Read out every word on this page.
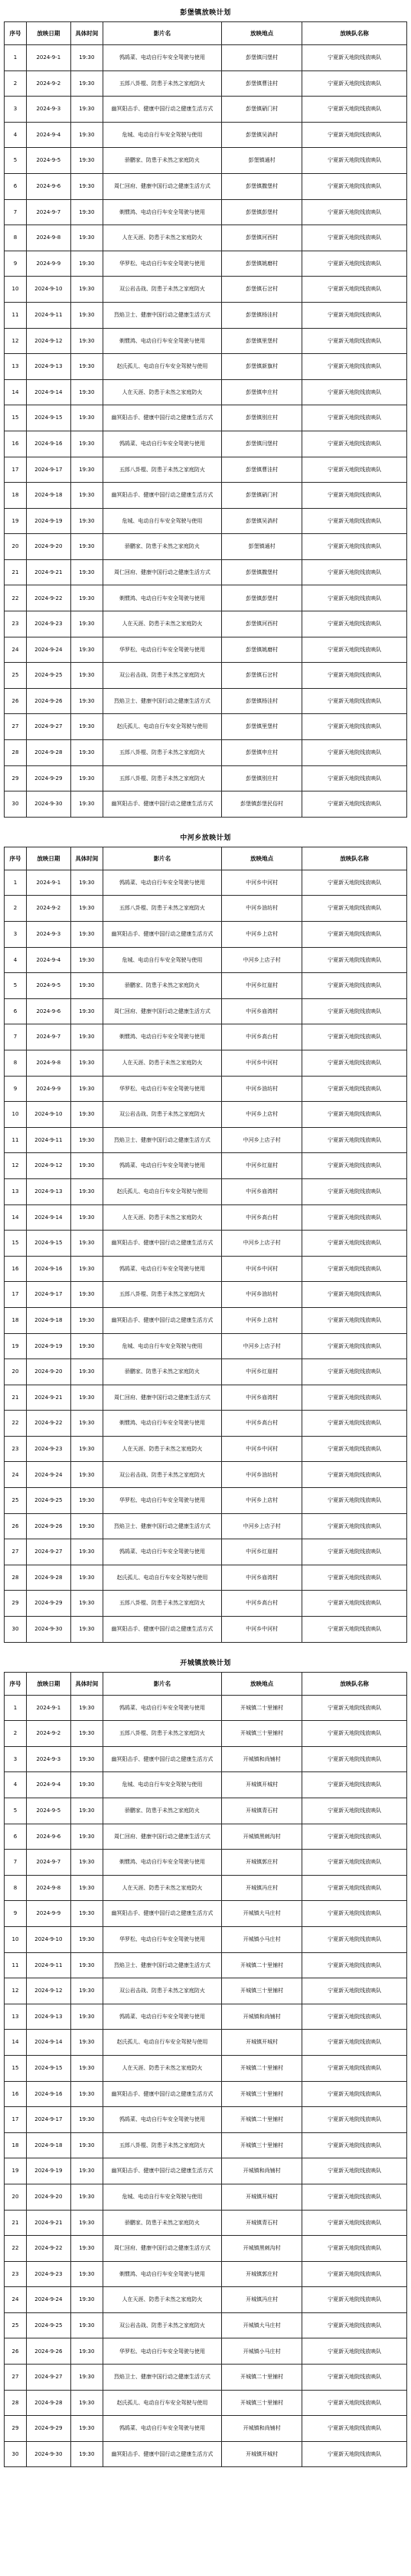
彭堡镇放映计划
序号	放映日期	具体时间	影片名	放映地点	放映队名称
1	2024-9-1	19:30	鹁鸪菜、电动自行车安全驾驶与使用	彭堡镇闫堡村	宁夏新天地院线放映队
2	2024-9-2	19:30	五郎八卦棍、防患于未然之家庭防火	彭堡镇曹洼村	宁夏新天地院线放映队
3	2024-9-3	19:30	幽冥阳击手、健康中国行动之健康生活方式	彭堡镇硝门村	宁夏新天地院线放映队
4	2024-9-4	19:30	危城、电动自行车安全驾驶与使用	彭堡镇吴淌村	宁夏新天地院线放映队
5	2024-9-5	19:30	骄鹏家、防患于未然之家庭防火	彭堡镇通村	宁夏新天地院线放映队
6	2024-9-6	19:30	周仁回府、健康中国行动之健康生活方式	彭堡镇撒堡村	宁夏新天地院线放映队
7	2024-9-7	19:30	剃惯鸿、电动自行车安全驾驶与使用	彭堡镇彭堡村	宁夏新天地院线放映队
8	2024-9-8	19:30	人在天涯、防患于未然之家庭防火	彭堡镇河西村	宁夏新天地院线放映队
9	2024-9-9	19:30	华罗松、电动自行车安全驾驶与使用	彭堡镇姚磨村	宁夏新天地院线放映队
10	2024-9-10	19:30	双公岩击战、防患于未然之家庭防火	彭堡镇石岔村	宁夏新天地院线放映队
11	2024-9-11	19:30	烈焰卫士、健康中国行动之健康生活方式	彭堡镇杨洼村	宁夏新天地院线放映队
12	2024-9-12	19:30	剃惯鸿、电动自行车安全驾驶与使用	彭堡镇里堡村	宁夏新天地院线放映队
13	2024-9-13	19:30	赵氏孤儿、电动自行车安全驾驶与使用	彭堡镇新旗村	宁夏新天地院线放映队
14	2024-9-14	19:30	人在天涯、防患于未然之家庭防火	彭堡镇申庄村	宁夏新天地院线放映队
15	2024-9-15	19:30	幽冥阳击手、健康中国行动之健康生活方式	彭堡镇别庄村	宁夏新天地院线放映队
16	2024-9-16	19:30	鹁鸪菜、电动自行车安全驾驶与使用	彭堡镇闫堡村	宁夏新天地院线放映队
17	2024-9-17	19:30	五郎八卦棍、防患于未然之家庭防火	彭堡镇曹洼村	宁夏新天地院线放映队
18	2024-9-18	19:30	幽冥阳击手、健康中国行动之健康生活方式	彭堡镇硝门村	宁夏新天地院线放映队
19	2024-9-19	19:30	危城、电动自行车安全驾驶与使用	彭堡镇吴淌村	宁夏新天地院线放映队
20	2024-9-20	19:30	骄鹏家、防患于未然之家庭防火	彭堡镇通村	宁夏新天地院线放映队
21	2024-9-21	19:30	周仁回府、健康中国行动之健康生活方式	彭堡镇撒堡村	宁夏新天地院线放映队
22	2024-9-22	19:30	剃惯鸿、电动自行车安全驾驶与使用	彭堡镇彭堡村	宁夏新天地院线放映队
23	2024-9-23	19:30	人在天涯、防患于未然之家庭防火	彭堡镇河西村	宁夏新天地院线放映队
24	2024-9-24	19:30	华罗松、电动自行车安全驾驶与使用	彭堡镇姚磨村	宁夏新天地院线放映队
25	2024-9-25	19:30	双公岩击战、防患于未然之家庭防火	彭堡镇石岔村	宁夏新天地院线放映队
26	2024-9-26	19:30	烈焰卫士、健康中国行动之健康生活方式	彭堡镇杨洼村	宁夏新天地院线放映队
27	2024-9-27	19:30	赵氏孤儿、电动自行车安全驾驶与使用	彭堡镇里堡村	宁夏新天地院线放映队
28	2024-9-28	19:30	五郎八卦棍、防患于未然之家庭防火	彭堡镇申庄村	宁夏新天地院线放映队
29	2024-9-29	19:30	五郎八卦棍、防患于未然之家庭防火	彭堡镇别庄村	宁夏新天地院线放映队
30	2024-9-30	19:30	幽冥阳击手、健康中国行动之健康生活方式	彭堡镇彭堡民俗村	宁夏新天地院线放映队
中河乡放映计划
序号	放映日期	具体时间	影片名	放映地点	放映队名称
1	2024-9-1	19:30	鹁鸪菜、电动自行车安全驾驶与使用	中河乡中河村	宁夏新天地院线放映队
2	2024-9-2	19:30	五郎八卦棍、防患于未然之家庭防火	中河乡油坊村	宁夏新天地院线放映队
3	2024-9-3	19:30	幽冥阳击手、健康中国行动之健康生活方式	中河乡上店村	宁夏新天地院线放映队
4	2024-9-4	19:30	危城、电动自行车安全驾驶与使用	中河乡上店子村	宁夏新天地院线放映队
5	2024-9-5	19:30	骄鹏家、防患于未然之家庭防火	中河乡红崖村	宁夏新天地院线放映队
6	2024-9-6	19:30	周仁回府、健康中国行动之健康生活方式	中河乡庙湾村	宁夏新天地院线放映队
7	2024-9-7	19:30	剃惯鸿、电动自行车安全驾驶与使用	中河乡高台村	宁夏新天地院线放映队
8	2024-9-8	19:30	人在天涯、防患于未然之家庭防火	中河乡中河村	宁夏新天地院线放映队
9	2024-9-9	19:30	华罗松、电动自行车安全驾驶与使用	中河乡油坊村	宁夏新天地院线放映队
10	2024-9-10	19:30	双公岩击战、防患于未然之家庭防火	中河乡上店村	宁夏新天地院线放映队
11	2024-9-11	19:30	烈焰卫士、健康中国行动之健康生活方式	中河乡上店子村	宁夏新天地院线放映队
12	2024-9-12	19:30	鹁鸪菜、电动自行车安全驾驶与使用	中河乡红崖村	宁夏新天地院线放映队
13	2024-9-13	19:30	赵氏孤儿、电动自行车安全驾驶与使用	中河乡庙湾村	宁夏新天地院线放映队
14	2024-9-14	19:30	人在天涯、防患于未然之家庭防火	中河乡高台村	宁夏新天地院线放映队
15	2024-9-15	19:30	幽冥阳击手、健康中国行动之健康生活方式	中河乡上店子村	宁夏新天地院线放映队
16	2024-9-16	19:30	鹁鸪菜、电动自行车安全驾驶与使用	中河乡中河村	宁夏新天地院线放映队
17	2024-9-17	19:30	五郎八卦棍、防患于未然之家庭防火	中河乡油坊村	宁夏新天地院线放映队
18	2024-9-18	19:30	幽冥阳击手、健康中国行动之健康生活方式	中河乡上店村	宁夏新天地院线放映队
19	2024-9-19	19:30	危城、电动自行车安全驾驶与使用	中河乡上店子村	宁夏新天地院线放映队
20	2024-9-20	19:30	骄鹏家、防患于未然之家庭防火	中河乡红崖村	宁夏新天地院线放映队
21	2024-9-21	19:30	周仁回府、健康中国行动之健康生活方式	中河乡庙湾村	宁夏新天地院线放映队
22	2024-9-22	19:30	剃惯鸿、电动自行车安全驾驶与使用	中河乡高台村	宁夏新天地院线放映队
23	2024-9-23	19:30	人在天涯、防患于未然之家庭防火	中河乡中河村	宁夏新天地院线放映队
24	2024-9-24	19:30	双公岩击战、防患于未然之家庭防火	中河乡油坊村	宁夏新天地院线放映队
25	2024-9-25	19:30	华罗松、电动自行车安全驾驶与使用	中河乡上店村	宁夏新天地院线放映队
26	2024-9-26	19:30	烈焰卫士、健康中国行动之健康生活方式	中河乡上店子村	宁夏新天地院线放映队
27	2024-9-27	19:30	鹁鸪菜、电动自行车安全驾驶与使用	中河乡红崖村	宁夏新天地院线放映队
28	2024-9-28	19:30	赵氏孤儿、电动自行车安全驾驶与使用	中河乡庙湾村	宁夏新天地院线放映队
29	2024-9-29	19:30	五郎八卦棍、防患于未然之家庭防火	中河乡高台村	宁夏新天地院线放映队
30	2024-9-30	19:30	幽冥阳击手、健康中国行动之健康生活方式	中河乡中河村	宁夏新天地院线放映队
开城镇放映计划
序号	放映日期	具体时间	影片名	放映地点	放映队名称
1	2024-9-1	19:30	鹁鸪菜、电动自行车安全驾驶与使用	开城镇二十里铺村	宁夏新天地院线放映队
2	2024-9-2	19:30	五郎八卦棍、防患于未然之家庭防火	开城镇三十里铺村	宁夏新天地院线放映队
3	2024-9-3	19:30	幽冥阳击手、健康中国行动之健康生活方式	开城镇和尚铺村	宁夏新天地院线放映队
4	2024-9-4	19:30	危城、电动自行车安全驾驶与使用	开城镇开城村	宁夏新天地院线放映队
5	2024-9-5	19:30	骄鹏家、防患于未然之家庭防火	开城镇青石村	宁夏新天地院线放映队
6	2024-9-6	19:30	周仁回府、健康中国行动之健康生活方式	开城镇黑刺沟村	宁夏新天地院线放映队
7	2024-9-7	19:30	剃惯鸿、电动自行车安全驾驶与使用	开城镇郭庄村	宁夏新天地院线放映队
8	2024-9-8	19:30	人在天涯、防患于未然之家庭防火	开城镇冯庄村	宁夏新天地院线放映队
9	2024-9-9	19:30	幽冥阳击手、健康中国行动之健康生活方式	开城镇大马庄村	宁夏新天地院线放映队
10	2024-9-10	19:30	华罗松、电动自行车安全驾驶与使用	开城镇小马庄村	宁夏新天地院线放映队
11	2024-9-11	19:30	烈焰卫士、健康中国行动之健康生活方式	开城镇二十里铺村	宁夏新天地院线放映队
12	2024-9-12	19:30	双公岩击战、防患于未然之家庭防火	开城镇三十里铺村	宁夏新天地院线放映队
13	2024-9-13	19:30	鹁鸪菜、电动自行车安全驾驶与使用	开城镇和尚铺村	宁夏新天地院线放映队
14	2024-9-14	19:30	赵氏孤儿、电动自行车安全驾驶与使用	开城镇开城村	宁夏新天地院线放映队
15	2024-9-15	19:30	人在天涯、防患于未然之家庭防火	开城镇二十里铺村	宁夏新天地院线放映队
16	2024-9-16	19:30	幽冥阳击手、健康中国行动之健康生活方式	开城镇三十里铺村	宁夏新天地院线放映队
17	2024-9-17	19:30	鹁鸪菜、电动自行车安全驾驶与使用	开城镇二十里铺村	宁夏新天地院线放映队
18	2024-9-18	19:30	五郎八卦棍、防患于未然之家庭防火	开城镇三十里铺村	宁夏新天地院线放映队
19	2024-9-19	19:30	幽冥阳击手、健康中国行动之健康生活方式	开城镇和尚铺村	宁夏新天地院线放映队
20	2024-9-20	19:30	危城、电动自行车安全驾驶与使用	开城镇开城村	宁夏新天地院线放映队
21	2024-9-21	19:30	骄鹏家、防患于未然之家庭防火	开城镇青石村	宁夏新天地院线放映队
22	2024-9-22	19:30	周仁回府、健康中国行动之健康生活方式	开城镇黑刺沟村	宁夏新天地院线放映队
23	2024-9-23	19:30	剃惯鸿、电动自行车安全驾驶与使用	开城镇郭庄村	宁夏新天地院线放映队
24	2024-9-24	19:30	人在天涯、防患于未然之家庭防火	开城镇冯庄村	宁夏新天地院线放映队
25	2024-9-25	19:30	双公岩击战、防患于未然之家庭防火	开城镇大马庄村	宁夏新天地院线放映队
26	2024-9-26	19:30	华罗松、电动自行车安全驾驶与使用	开城镇小马庄村	宁夏新天地院线放映队
27	2024-9-27	19:30	烈焰卫士、健康中国行动之健康生活方式	开城镇二十里铺村	宁夏新天地院线放映队
28	2024-9-28	19:30	赵氏孤儿、电动自行车安全驾驶与使用	开城镇三十里铺村	宁夏新天地院线放映队
29	2024-9-29	19:30	鹁鸪菜、电动自行车安全驾驶与使用	开城镇和尚铺村	宁夏新天地院线放映队
30	2024-9-30	19:30	幽冥阳击手、健康中国行动之健康生活方式	开城镇开城村	宁夏新天地院线放映队
